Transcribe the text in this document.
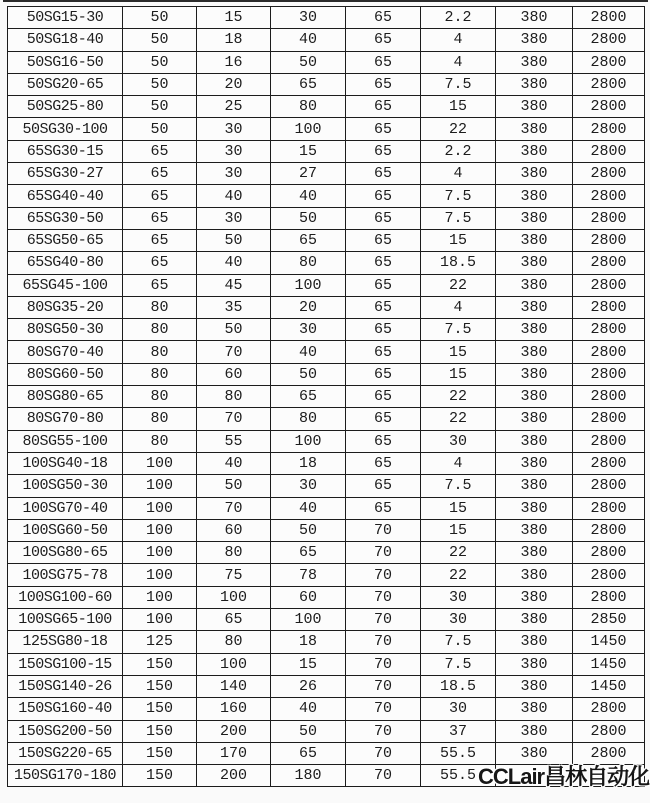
50SG15-30	50	15	30	65	2.2	380	2800
50SG18-40	50	18	40	65	4	380	2800
50SG16-50	50	16	50	65	4	380	2800
50SG20-65	50	20	65	65	7.5	380	2800
50SG25-80	50	25	80	65	15	380	2800
50SG30-100	50	30	100	65	22	380	2800
65SG30-15	65	30	15	65	2.2	380	2800
65SG30-27	65	30	27	65	4	380	2800
65SG40-40	65	40	40	65	7.5	380	2800
65SG30-50	65	30	50	65	7.5	380	2800
65SG50-65	65	50	65	65	15	380	2800
65SG40-80	65	40	80	65	18.5	380	2800
65SG45-100	65	45	100	65	22	380	2800
80SG35-20	80	35	20	65	4	380	2800
80SG50-30	80	50	30	65	7.5	380	2800
80SG70-40	80	70	40	65	15	380	2800
80SG60-50	80	60	50	65	15	380	2800
80SG80-65	80	80	65	65	22	380	2800
80SG70-80	80	70	80	65	22	380	2800
80SG55-100	80	55	100	65	30	380	2800
100SG40-18	100	40	18	65	4	380	2800
100SG50-30	100	50	30	65	7.5	380	2800
100SG70-40	100	70	40	65	15	380	2800
100SG60-50	100	60	50	70	15	380	2800
100SG80-65	100	80	65	70	22	380	2800
100SG75-78	100	75	78	70	22	380	2800
100SG100-60	100	100	60	70	30	380	2800
100SG65-100	100	65	100	70	30	380	2850
125SG80-18	125	80	18	70	7.5	380	1450
150SG100-15	150	100	15	70	7.5	380	1450
150SG140-26	150	140	26	70	18.5	380	1450
150SG160-40	150	160	40	70	30	380	2800
150SG200-50	150	200	50	70	37	380	2800
150SG220-65	150	170	65	70	55.5	380	2800
150SG170-180	150	200	180	70	55.5		CCLair昌林自动化
